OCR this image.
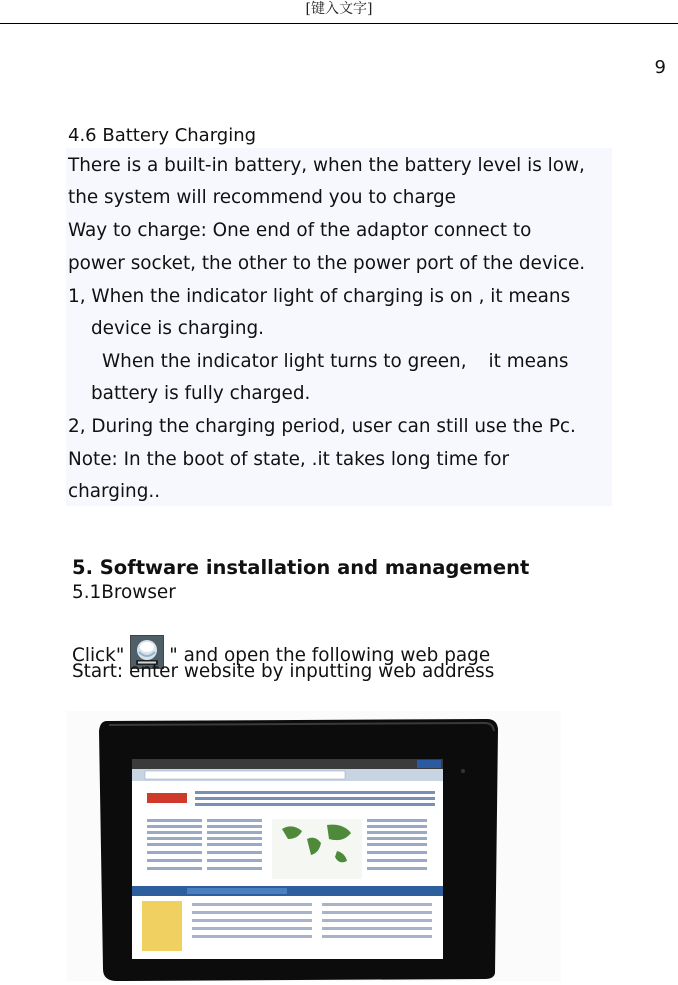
[键入文字]
9
4.6 Battery Charging
There is a built-in battery, when the battery level is low,
the system will recommend you to charge
Way to charge: One end of the adaptor connect to
power socket, the other to the power port of the device.
1, When the indicator light of charging is on , it means
device is charging.
When the indicator light turns to green, it means
battery is fully charged.
2, During the charging period, user can still use the Pc.
Note: In the boot of state, .it takes long time for
charging..
5. Software installation and management
5.1Browser
Click" " and open the following web page
Start: enter website by inputting web address
